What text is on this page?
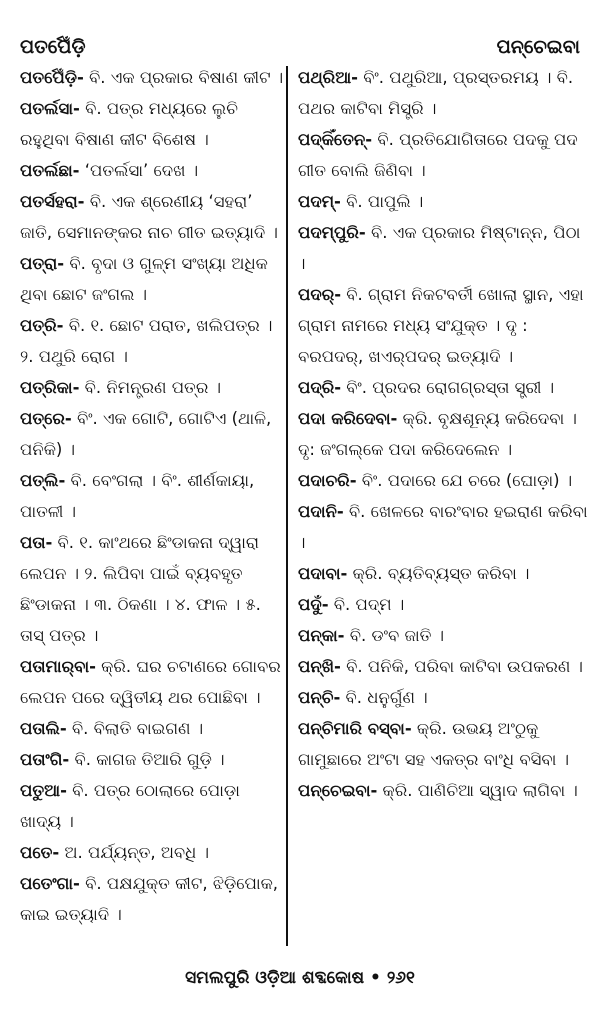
ପତର୍ପେଁଡ଼ି	ପନ୍‌ଚେଇବା

ପତର୍ପେଁଡ଼ି- ବି. ଏକ ପ୍ରକାର ବିଷାଣ କୀଟ ।

ପତର୍ଲସା- ବି. ପତ୍ର ମଧ୍ୟରେ ଲୁଚି ରହୁଥିବା ବିଷାଣ କୀଟ ବିଶେଷ ।

ପତର୍ଲଛା- ‘ପତର୍ଲସା’ ଦେଖ ।

ପତର୍ସହରା- ବି. ଏକ ଶ୍ରେଣୀୟ ‘ସହରା’ ଜାତି, ସେମାନଙ୍କର ନାଚ ଗୀତ ଇତ୍ୟାଦି ।

ପତ୍‌ରା- ବି. ବୃଦା ଓ ଗୁଳ୍ମ ସଂଖ୍ୟା ଅଧିକ ଥିବା ଛୋଟ ଜଂଗଲ ।

ପତ୍‌ରି- ବି. ୧. ଛୋଟ ପରାତ, ଖଲିପତ୍ର । ୨. ପଥୁରି ରୋଗ ।

ପତ୍‌ରିକା- ବି. ନିମନ୍ତ୍ରଣ ପତ୍ର ।

ପତ୍‌ରେ- ବିଂ. ଏକ ଗୋଟି, ଗୋଟିଏ (ଥାଳି, ପନିକି) ।

ପତ୍‌ଲି- ବି. ବେଂଗଲା । ବିଂ. ଶୀର୍ଣକାୟା, ପାତଳୀ ।

ପତା- ବି. ୧. କାଂଥରେ ଛିଂଡାକନା ଦ୍ୱାରା ଲେପନ । ୨. ଲିପିବା ପାଇଁ ବ୍ୟବହୃତ ଛିଂଡାକନା । ୩. ଠିକଣା । ୪. ଫାଳ । ୫. ତାସ୍ ପତ୍ର ।

ପତାମାର୍‌ବା- କ୍ରି. ଘର ଚଟାଣରେ ଗୋବର ଲେପନ ପରେ ଦ୍ୱିତୀୟ ଥର ପୋଛିବା ।

ପତାଲି- ବି. ବିଲାତି ବାଇଗଣ ।

ପତାଂଗି- ବି. କାଗଜ ତିଆରି ଗୁଡ଼ି ।

ପତୁଆ- ବି. ପତ୍ର ଠୋଲାରେ ପୋଡ଼ା ଖାଦ୍ୟ ।

ପତେ- ଅ. ପର୍ଯ୍ୟନ୍ତ, ଅବଧି ।

ପତେଂଗା- ବି. ପକ୍ଷଯୁକ୍ତ କୀଟ, ଝିଡ଼ିପୋକ, କାଇ ଇତ୍ୟାଦି ।

ପଥ୍‌ରିଆ- ବିଂ. ପଥୁରିଆ, ପ୍ରସ୍ତରମୟ । ବି. ପଥର କାଟିବା ମିସ୍ତ୍ରି ।

ପଦ୍‌କିଁତେନ୍- ବି. ପ୍ରତିଯୋଗିତାରେ ପଦକୁ ପଦ ଗୀତ ବୋଲି ଜିଣିବା ।

ପଦମ୍- ବି. ପାପୁଲି ।

ପଦମ୍‌ପୁରି- ବି. ଏକ ପ୍ରକାର ମିଷ୍ଟାନ୍ନ, ପିଠା ।

ପଦର୍- ବି. ଗ୍ରାମ ନିକଟବର୍ତୀ ଖୋଲା ସ୍ଥାନ, ଏହା ଗ୍ରାମ ନାମରେ ମଧ୍ୟ ସଂଯୁକ୍ତ । ଦୃ : ବରପଦର୍, ଖଏର୍‌ପଦର୍ ଇତ୍ୟାଦି ।

ପଦ୍‌ରି- ବିଂ. ପ୍ରଦର ରୋଗଗ୍ରସ୍ତା ସ୍ତ୍ରୀ ।

ପଦା କରିଦେବା- କ୍ରି. ବୃକ୍ଷଶୂନ୍ୟ କରିଦେବା । ଦୃ: ଜଂଗଲ୍‌କେ ପଦା କରିଦେଲେନ ।

ପଦାଚରି- ବିଂ. ପଦାରେ ଯେ ଚରେ (ଘୋଡ଼ା) ।

ପଦାନି- ବି. ଖେଳରେ ବାରଂବାର ହଇରାଣ କରିବା ।

ପଦାବା- କ୍ରି. ବ୍ୟତିବ୍ୟସ୍ତ କରିବା ।

ପଦୁଁ- ବି. ପଦ୍ମ ।

ପନ୍‌କା- ବି. ଡଂବ ଜାତି ।

ପନ୍‌ଖି- ବି. ପନିକି, ପରିବା କାଟିବା ଉପକରଣ ।

ପନ୍‌ଚି- ବି. ଧନୁର୍ଗୁଣ ।

ପନ୍‌ଚିମାରି ବସ୍‌ବା- କ୍ରି. ଉଭୟ ଅଂଠୁକୁ ଗାମୁଛାରେ ଅଂଟା ସହ ଏକତ୍ର ବାଂଧି ବସିବା ।

ପନ୍‌ଚେଇବା- କ୍ରି. ପାଣିଚିଆ ସ୍ୱାଦ ଲାଗିବା ।

ସମଲପୁରି ଓଡ଼ିଆ ଶବ୍ଦକୋଷ • ୨୬୧
